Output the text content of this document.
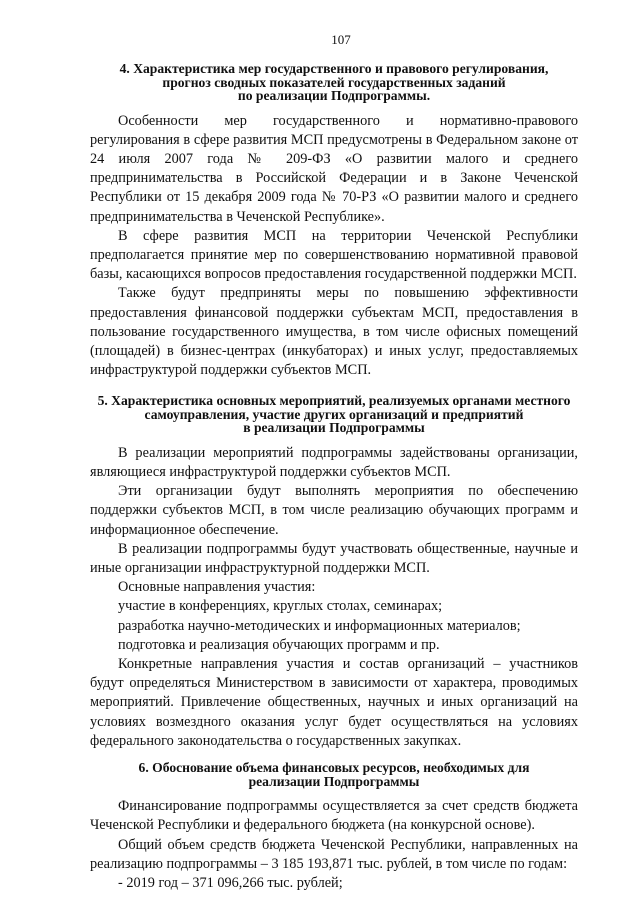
107
4. Характеристика мер государственного и правового регулирования,
прогноз сводных показателей государственных заданий
по реализации Подпрограммы.

Особенности мер государственного и нормативно-правового регулирования в сфере развития МСП предусмотрены в Федеральном законе от 24 июля 2007 года № 209-ФЗ «О развитии малого и среднего предпринимательства в Российской Федерации и в Законе Чеченской Республики от 15 декабря 2009 года № 70-РЗ «О развитии малого и среднего предпринимательства в Чеченской Республике».

В сфере развития МСП на территории Чеченской Республики предполагается принятие мер по совершенствованию нормативной правовой базы, касающихся вопросов предоставления государственной поддержки МСП.

Также будут предприняты меры по повышению эффективности предоставления финансовой поддержки субъектам МСП, предоставления в пользование государственного имущества, в том числе офисных помещений (площадей) в бизнес-центрах (инкубаторах) и иных услуг, предоставляемых инфраструктурой поддержки субъектов МСП.

5. Характеристика основных мероприятий, реализуемых органами местного
самоуправления, участие других организаций и предприятий
в реализации Подпрограммы

В реализации мероприятий подпрограммы задействованы организации, являющиеся инфраструктурой поддержки субъектов МСП.

Эти организации будут выполнять мероприятия по обеспечению поддержки субъектов МСП, в том числе реализацию обучающих программ и информационное обеспечение.

В реализации подпрограммы будут участвовать общественные, научные и иные организации инфраструктурной поддержки МСП.

Основные направления участия:

участие в конференциях, круглых столах, семинарах;

разработка научно-методических и информационных материалов;

подготовка и реализация обучающих программ и пр.

Конкретные направления участия и состав организаций – участников будут определяться Министерством в зависимости от характера, проводимых мероприятий. Привлечение общественных, научных и иных организаций на условиях возмездного оказания услуг будет осуществляться на условиях федерального законодательства о государственных закупках.

6. Обоснование объема финансовых ресурсов, необходимых для
реализации Подпрограммы

Финансирование подпрограммы осуществляется за счет средств бюджета Чеченской Республики и федерального бюджета (на конкурсной основе).

Общий объем средств бюджета Чеченской Республики, направленных на реализацию подпрограммы – 3 185 193,871 тыс. рублей, в том числе по годам:

- 2019 год – 371 096,266 тыс. рублей;
